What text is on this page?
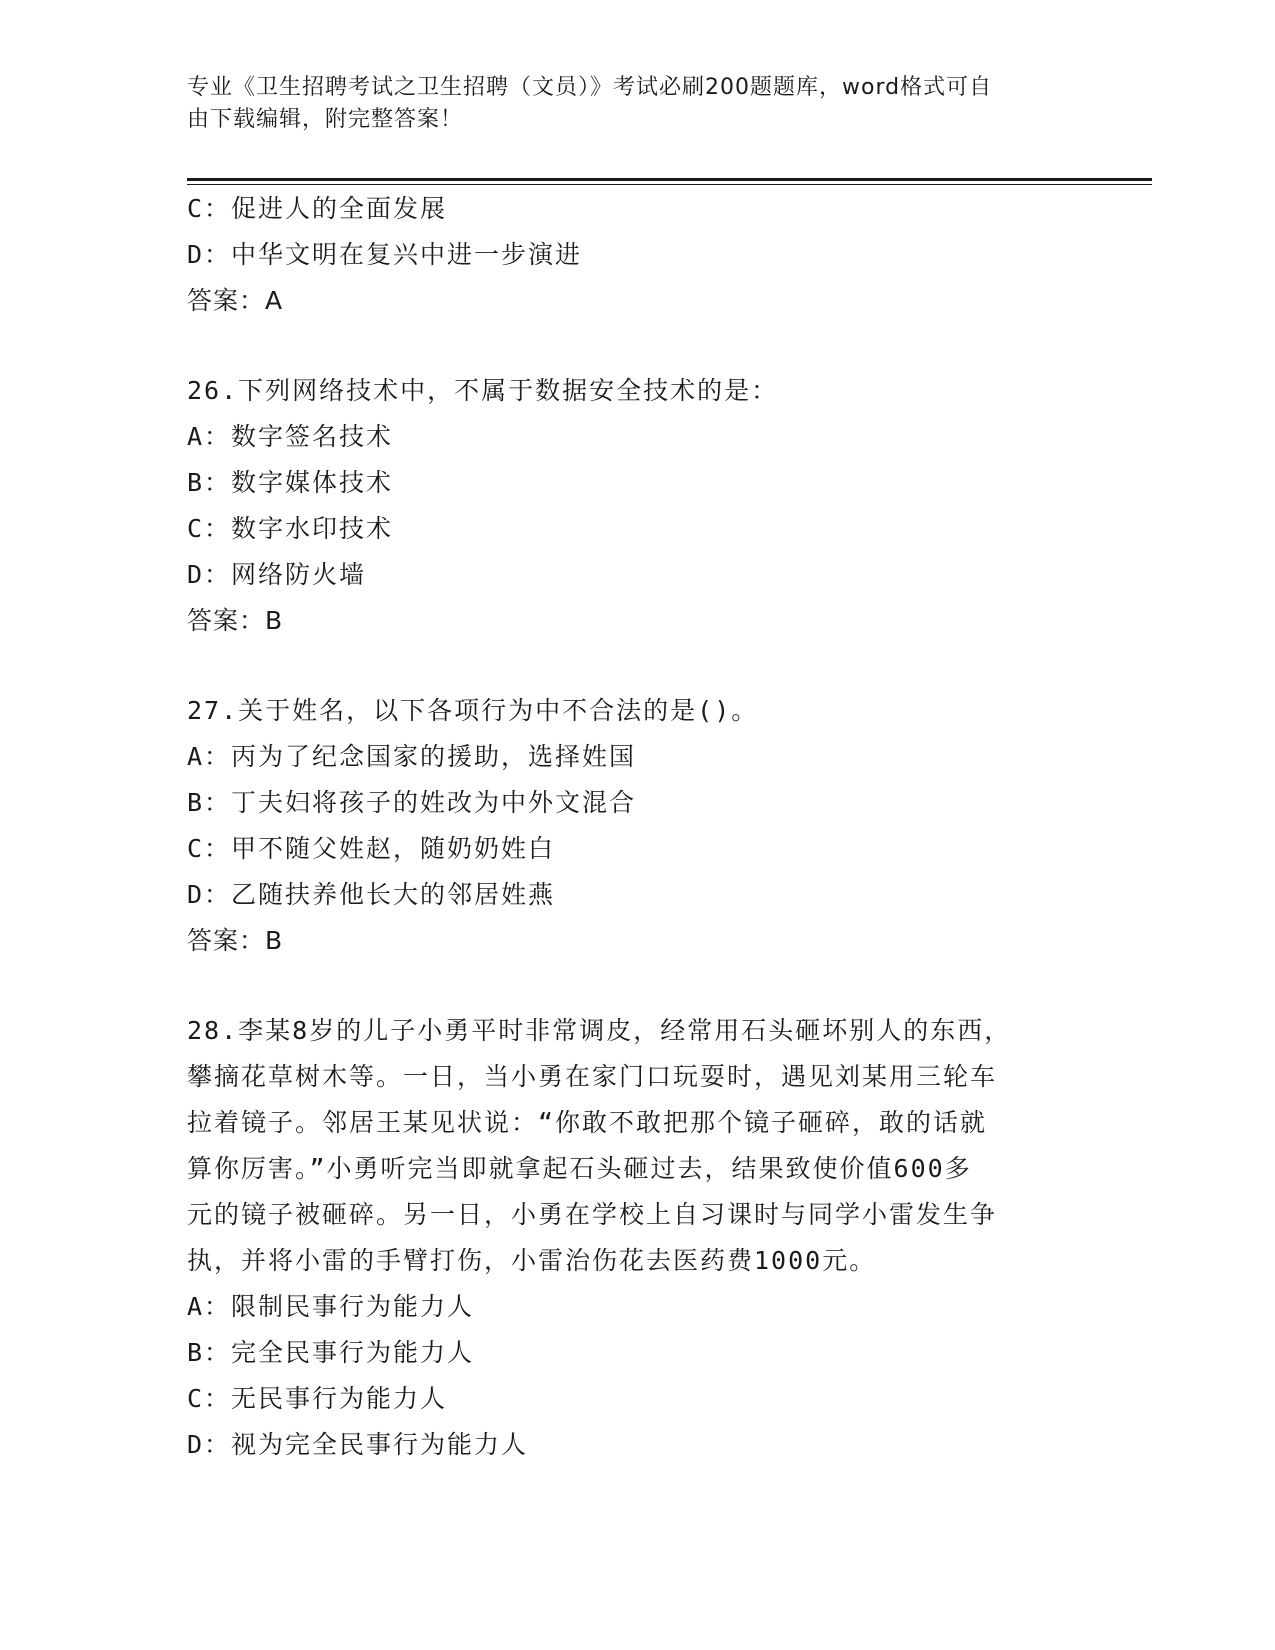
专业《卫生招聘考试之卫生招聘（文员）》考试必刷200题题库，word格式可自
由下载编辑，附完整答案！
C：促进人的全面发展
D：中华文明在复兴中进一步演进
答案：A
26.下列网络技术中，不属于数据安全技术的是：
A：数字签名技术
B：数字媒体技术
C：数字水印技术
D：网络防火墙
答案：B
27.关于姓名，以下各项行为中不合法的是()。
A：丙为了纪念国家的援助，选择姓国
B：丁夫妇将孩子的姓改为中外文混合
C：甲不随父姓赵，随奶奶姓白
D：乙随扶养他长大的邻居姓燕
答案：B
28.李某8岁的儿子小勇平时非常调皮，经常用石头砸坏别人的东西，
攀摘花草树木等。一日，当小勇在家门口玩耍时，遇见刘某用三轮车
拉着镜子。邻居王某见状说：“你敢不敢把那个镜子砸碎，敢的话就
算你厉害。”小勇听完当即就拿起石头砸过去，结果致使价值600多
元的镜子被砸碎。另一日，小勇在学校上自习课时与同学小雷发生争
执，并将小雷的手臂打伤，小雷治伤花去医药费1000元。
A：限制民事行为能力人
B：完全民事行为能力人
C：无民事行为能力人
D：视为完全民事行为能力人
